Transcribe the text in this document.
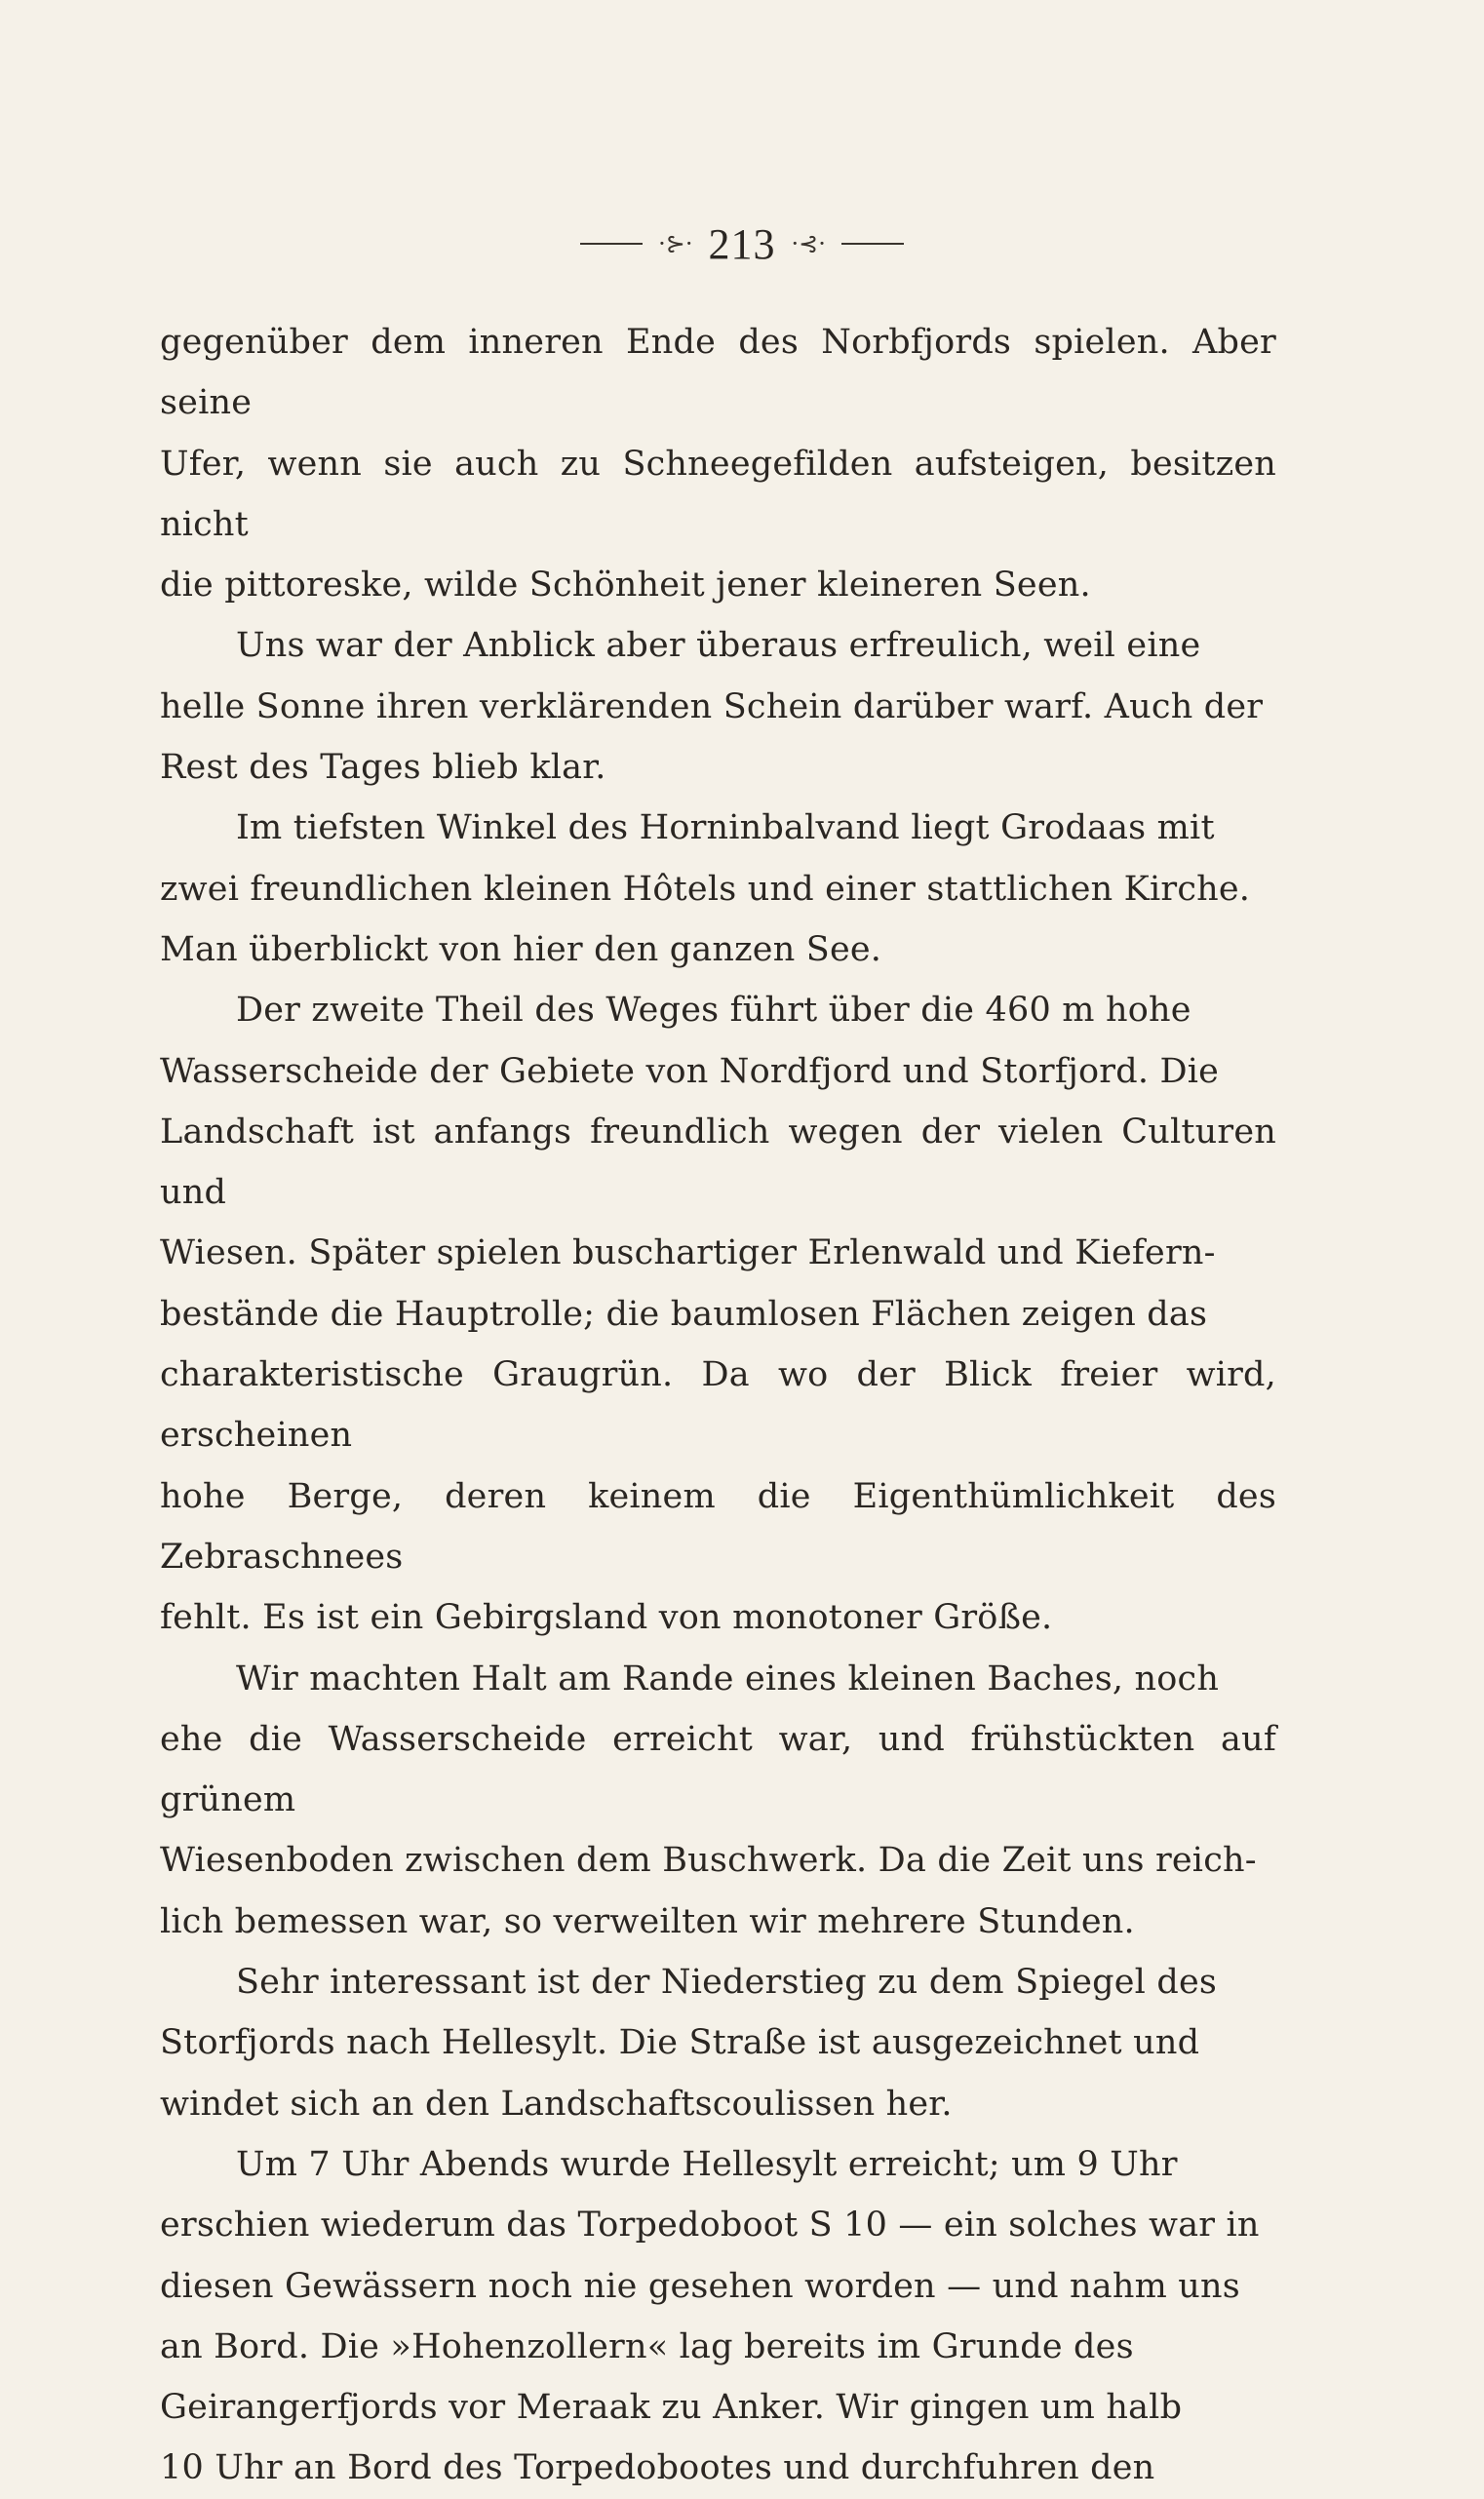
·⊱· 213 ·⊰·

gegenüber dem inneren Ende des Norbfjords spielen. Aber seine
Ufer, wenn sie auch zu Schneegefilden aufsteigen, besitzen nicht
die pittoreske, wilde Schönheit jener kleineren Seen.

Uns war der Anblick aber überaus erfreulich, weil eine
helle Sonne ihren verklärenden Schein darüber warf. Auch der
Rest des Tages blieb klar.

Im tiefsten Winkel des Horninbalvand liegt Grodaas mit
zwei freundlichen kleinen Hôtels und einer stattlichen Kirche.
Man überblickt von hier den ganzen See.

Der zweite Theil des Weges führt über die 460 m hohe
Wasserscheide der Gebiete von Nordfjord und Storfjord. Die
Landschaft ist anfangs freundlich wegen der vielen Culturen und
Wiesen. Später spielen buschartiger Erlenwald und Kiefern-
bestände die Hauptrolle; die baumlosen Flächen zeigen das
charakteristische Graugrün. Da wo der Blick freier wird, erscheinen
hohe Berge, deren keinem die Eigenthümlichkeit des Zebraschnees
fehlt. Es ist ein Gebirgsland von monotoner Größe.

Wir machten Halt am Rande eines kleinen Baches, noch
ehe die Wasserscheide erreicht war, und frühstückten auf grünem
Wiesenboden zwischen dem Buschwerk. Da die Zeit uns reich-
lich bemessen war, so verweilten wir mehrere Stunden.

Sehr interessant ist der Niederstieg zu dem Spiegel des
Storfjords nach Hellesylt. Die Straße ist ausgezeichnet und
windet sich an den Landschaftscoulissen her.

Um 7 Uhr Abends wurde Hellesylt erreicht; um 9 Uhr
erschien wiederum das Torpedoboot S 10 — ein solches war in
diesen Gewässern noch nie gesehen worden — und nahm uns
an Bord. Die »Hohenzollern« lag bereits im Grunde des
Geirangerfjords vor Meraak zu Anker. Wir gingen um halb
10 Uhr an Bord des Torpedobootes und durchfuhren den
